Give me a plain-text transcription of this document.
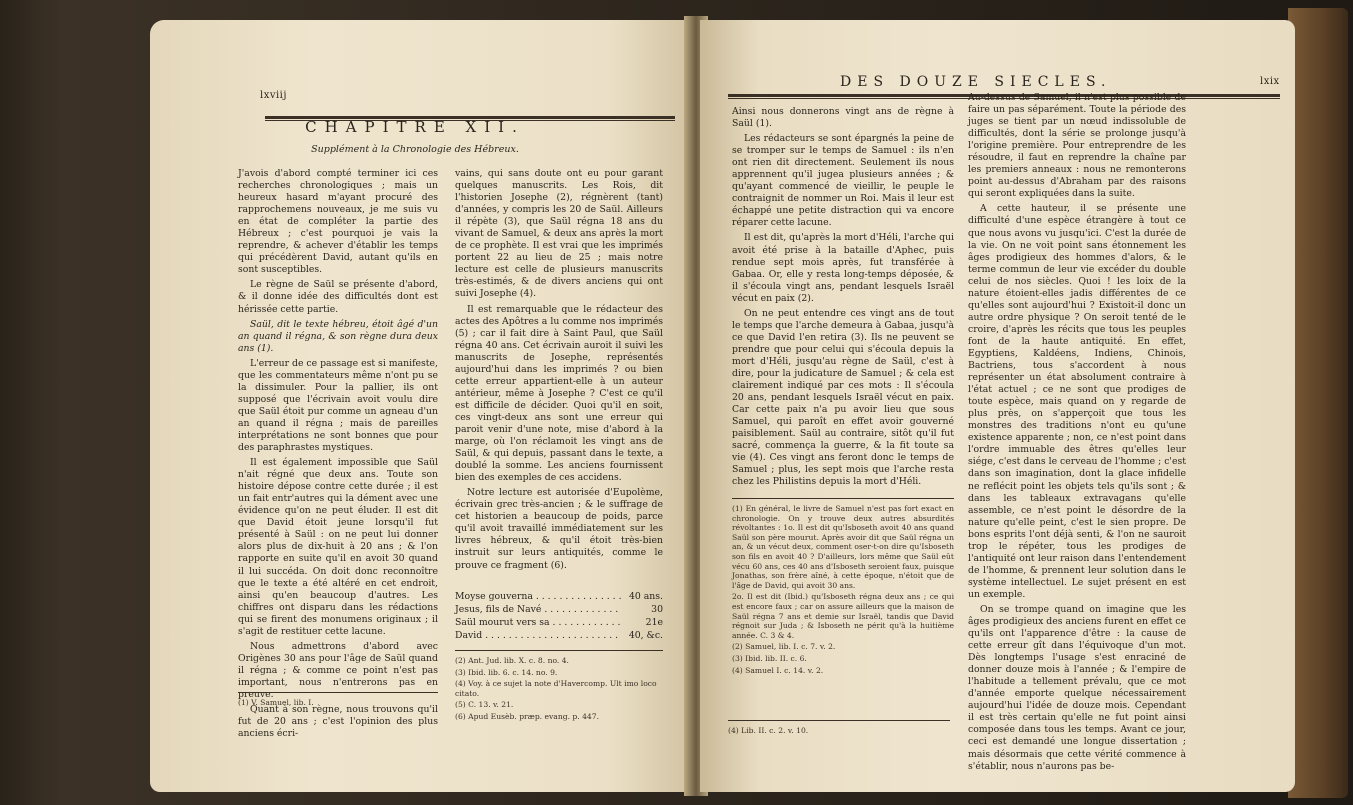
lxviij
CHAPITRE XII.
Supplément à la Chronologie des Hébreux.

J'avois d'abord compté terminer ici ces recherches chronologiques ; mais un heureux hasard m'ayant procuré des rapprochemens nouveaux, je me suis vu en état de compléter la partie des Hébreux ; c'est pourquoi je vais la reprendre, & achever d'établir les temps qui précédèrent David, autant qu'ils en sont susceptibles.

Le règne de Saül se présente d'abord, & il donne idée des difficultés dont est hérissée cette partie.

Saül, dit le texte hébreu, étoit âgé d'un an quand il régna, & son règne dura deux ans (1).

L'erreur de ce passage est si manifeste, que les commentateurs même n'ont pu se la dissimuler. Pour la pallier, ils ont supposé que l'écrivain avoit voulu dire que Saül étoit pur comme un agneau d'un an quand il régna ; mais de pareilles interprétations ne sont bonnes que pour des paraphrastes mystiques.

Il est également impossible que Saül n'ait régné que deux ans. Toute son histoire dépose contre cette durée ; il est un fait entr'autres qui la dément avec une évidence qu'on ne peut éluder. Il est dit que David étoit jeune lorsqu'il fut présenté à Saül : on ne peut lui donner alors plus de dix-huit à 20 ans ; & l'on rapporte en suite qu'il en avoit 30 quand il lui succéda. On doit donc reconnoître que le texte a été altéré en cet endroit, ainsi qu'en beaucoup d'autres. Les chiffres ont disparu dans les rédactions qui se firent des monumens originaux ; il s'agit de restituer cette lacune.

Nous admettrons d'abord avec Origènes 30 ans pour l'âge de Saül quand il régna ; & comme ce point n'est pas important, nous n'entrerons pas en preuve.

Quant à son règne, nous trouvons qu'il fut de 20 ans ; c'est l'opinion des plus anciens écri-

(1) V. Samuel, lib. I.

vains, qui sans doute ont eu pour garant quelques manuscrits. Les Rois, dit l'historien Josephe (2), régnèrent (tant) d'années, y compris les 20 de Saül. Ailleurs il répète (3), que Saül régna 18 ans du vivant de Samuel, & deux ans après la mort de ce prophète. Il est vrai que les imprimés portent 22 au lieu de 25 ; mais notre lecture est celle de plusieurs manuscrits très-estimés, & de divers anciens qui ont suivi Josephe (4).

Il est remarquable que le rédacteur des actes des Apôtres a lu comme nos imprimés (5) ; car il fait dire à Saint Paul, que Saül régna 40 ans. Cet écrivain auroit il suivi les manuscrits de Josephe, représentés aujourd'hui dans les imprimés ? ou bien cette erreur appartient-elle à un auteur antérieur, même à Josephe ? C'est ce qu'il est difficile de décider. Quoi qu'il en soit, ces vingt-deux ans sont une erreur qui paroit venir d'une note, mise d'abord à la marge, où l'on réclamoit les vingt ans de Saül, & qui depuis, passant dans le texte, a doublé la somme. Les anciens fournissent bien des exemples de ces accidens.

Notre lecture est autorisée d'Eupolème, écrivain grec très-ancien ; & le suffrage de cet historien a beaucoup de poids, parce qu'il avoit travaillé immédiatement sur les livres hébreux, & qu'il étoit très-bien instruit sur leurs antiquités, comme le prouve ce fragment (6).

Moyse gouverna . . . . . . . . . . . . . . . 40 ans.
Jesus, fils de Navé . . . . . . . . . . . . .	30
Saül mourut vers sa . . . . . . . . . . . .	21e
David . . . . . . . . . . . . . . . . . . . . . . . 40, &c.

(2) Ant. Jud. lib. X. c. 8. no. 4.

(3) Ibid. lib. 6. c. 14. no. 9.

(4) Voy. à ce sujet la note d'Havercomp. Ult imo loco citato.

(5) C. 13. v. 21.

(6) Apud Eusèb. præp. evang. p. 447.

DES DOUZE SIECLES.	lxix

Ainsi nous donnerons vingt ans de règne à Saül (1).

Les rédacteurs se sont épargnés la peine de se tromper sur le temps de Samuel : ils n'en ont rien dit directement. Seulement ils nous apprennent qu'il jugea plusieurs années ; & qu'ayant commencé de vieillir, le peuple le contraignit de nommer un Roi. Mais il leur est échappé une petite distraction qui va encore réparer cette lacune.

Il est dit, qu'après la mort d'Héli, l'arche qui avoit été prise à la bataille d'Aphec, puis rendue sept mois après, fut transférée à Gabaa. Or, elle y resta long-temps déposée, & il s'écoula vingt ans, pendant lesquels Israël vécut en paix (2).

On ne peut entendre ces vingt ans de tout le temps que l'arche demeura à Gabaa, jusqu'à ce que David l'en retira (3). Ils ne peuvent se prendre que pour celui qui s'écoula depuis la mort d'Héli, jusqu'au règne de Saül, c'est à dire, pour la judicature de Samuel ; & cela est clairement indiqué par ces mots : Il s'écoula 20 ans, pendant lesquels Israël vécut en paix. Car cette paix n'a pu avoir lieu que sous Samuel, qui paroît en effet avoir gouverné paisiblement. Saül au contraire, sitôt qu'il fut sacré, commença la guerre, & la fit toute sa vie (4). Ces vingt ans feront donc le temps de Samuel ; plus, les sept mois que l'arche resta chez les Philistins depuis la mort d'Héli.

(1) En général, le livre de Samuel n'est pas fort exact en chronologie. On y trouve deux autres absurdités révoltantes : 1o. Il est dit qu'Isboseth avoit 40 ans quand Saül son père mourut. Après avoir dit que Saül régna un an, & un vécut deux, comment oser-t-on dire qu'Isboseth son fils en avoit 40 ? D'ailleurs, lors même que Saül eût vécu 60 ans, ces 40 ans d'Isboseth seroient faux, puisque Jonathas, son frère aîné, à cette époque, n'étoit que de l'âge de David, qui avoit 30 ans.

2o. Il est dit (Ibid.) qu'Isboseth régna deux ans ; ce qui est encore faux ; car on assure ailleurs que la maison de Saül régna 7 ans et demie sur Israël, tandis que David régnoit sur Juda ; & Isboseth ne périt qu'à la huitième année. C. 3 & 4.

(2) Samuel, lib. I. c. 7. v. 2.

(3) Ibid. lib. II. c. 6.

(4) Samuel I. c. 14. v. 2.

Au-dessus de Samuel, il n'est plus possible de faire un pas séparément. Toute la période des juges se tient par un nœud indissoluble de difficultés, dont la série se prolonge jusqu'à l'origine première. Pour entreprendre de les résoudre, il faut en reprendre la chaîne par les premiers anneaux : nous ne remonterons point au-dessus d'Abraham par des raisons qui seront expliquées dans la suite.

A cette hauteur, il se présente une difficulté d'une espèce étrangère à tout ce que nous avons vu jusqu'ici. C'est la durée de la vie. On ne voit point sans étonnement les âges prodigieux des hommes d'alors, & le terme commun de leur vie excéder du double celui de nos siècles. Quoi ! les loix de la nature étoient-elles jadis différentes de ce qu'elles sont aujourd'hui ? Existoit-il donc un autre ordre physique ? On seroit tenté de le croire, d'après les récits que tous les peuples font de la haute antiquité. En effet, Egyptiens, Kaldéens, Indiens, Chinois, Bactriens, tous s'accordent à nous représenter un état absolument contraire à l'état actuel ; ce ne sont que prodiges de toute espèce, mais quand on y regarde de plus près, on s'apperçoit que tous les monstres des traditions n'ont eu qu'une existence apparente ; non, ce n'est point dans l'ordre immuable des êtres qu'elles leur siége, c'est dans le cerveau de l'homme ; c'est dans son imagination, dont la glace infidelle ne reflécit point les objets tels qu'ils sont ; & dans les tableaux extravagans qu'elle assemble, ce n'est point le désordre de la nature qu'elle peint, c'est le sien propre. De bons esprits l'ont déjà senti, & l'on ne sauroit trop le répéter, tous les prodiges de l'antiquité ont leur raison dans l'entendement de l'homme, & prennent leur solution dans le système intellectuel. Le sujet présent en est un exemple.

On se trompe quand on imagine que les âges prodigieux des anciens furent en effet ce qu'ils ont l'apparence d'être : la cause de cette erreur gît dans l'équivoque d'un mot. Dès longtemps l'usage s'est enraciné de donner douze mois à l'année ; & l'empire de l'habitude a tellement prévalu, que ce mot d'année emporte quelque nécessairement aujourd'hui l'idée de douze mois. Cependant il est très certain qu'elle ne fut point ainsi composée dans tous les temps. Avant ce jour, ceci est demandé une longue dissertation ; mais désormais que cette vérité commence à s'établir, nous n'aurons pas be-

(4) Lib. II. c. 2. v. 10.
